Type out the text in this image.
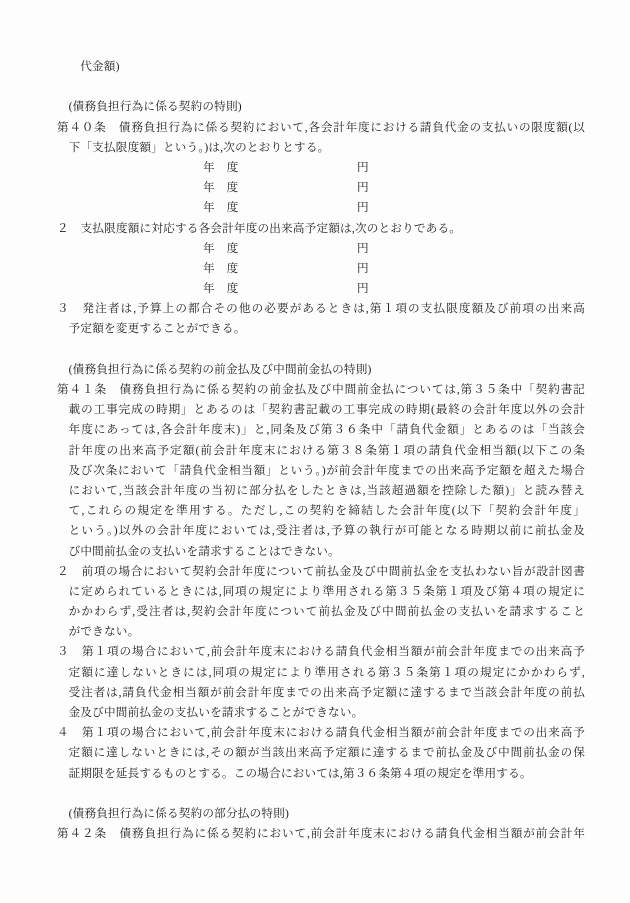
代金額)
(債務負担行為に係る契約の特則)
第４０条　債務負担行為に係る契約において,各会計年度における請負代金の支払いの限度額(以
下「支払限度額」という。)は,次のとおりとする。
年　度	円
年　度	円
年　度	円
２　支払限度額に対応する各会計年度の出来高予定額は,次のとおりである。
年　度	円
年　度	円
年　度	円
３　発注者は,予算上の都合その他の必要があるときは,第１項の支払限度額及び前項の出来高
予定額を変更することができる。
(債務負担行為に係る契約の前金払及び中間前金払の特則)
第４１条　債務負担行為に係る契約の前金払及び中間前金払については,第３５条中「契約書記
載の工事完成の時期」とあるのは「契約書記載の工事完成の時期(最終の会計年度以外の会計
年度にあっては,各会計年度末)」と,同条及び第３６条中「請負代金額」とあるのは「当該会
計年度の出来高予定額(前会計年度末における第３８条第１項の請負代金相当額(以下この条
及び次条において「請負代金相当額」という。)が前会計年度までの出来高予定額を超えた場合
において,当該会計年度の当初に部分払をしたときは,当該超過額を控除した額)」と読み替え
て,これらの規定を準用する。ただし,この契約を締結した会計年度(以下「契約会計年度」
という。)以外の会計年度においては,受注者は,予算の執行が可能となる時期以前に前払金及
び中間前払金の支払いを請求することはできない。
２　前項の場合において契約会計年度について前払金及び中間前払金を支払わない旨が設計図書
に定められているときには,同項の規定により準用される第３５条第１項及び第４項の規定に
かかわらず,受注者は,契約会計年度について前払金及び中間前払金の支払いを請求すること
ができない。
３　第１項の場合において,前会計年度末における請負代金相当額が前会計年度までの出来高予
定額に達しないときには,同項の規定により準用される第３５条第１項の規定にかかわらず,
受注者は,請負代金相当額が前会計年度までの出来高予定額に達するまで当該会計年度の前払
金及び中間前払金の支払いを請求することができない。
４　第１項の場合において,前会計年度末における請負代金相当額が前会計年度までの出来高予
定額に達しないときには,その額が当該出来高予定額に達するまで前払金及び中間前払金の保
証期限を延長するものとする。この場合においては,第３６条第４項の規定を準用する。
(債務負担行為に係る契約の部分払の特則)
第４２条　債務負担行為に係る契約において,前会計年度末における請負代金相当額が前会計年
